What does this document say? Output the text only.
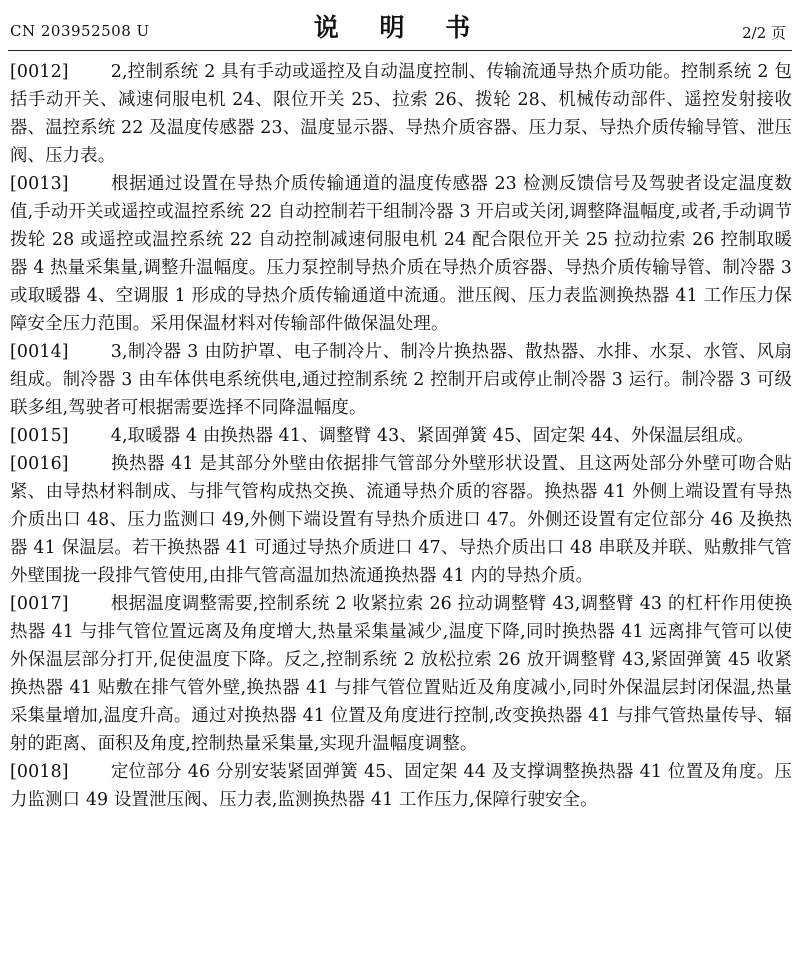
CN 203952508 U	说 明 书	2/2 页

[0012] 2,控制系统 2 具有手动或遥控及自动温度控制、传输流通导热介质功能。控制系统 2 包括手动开关、减速伺服电机 24、限位开关 25、拉索 26、拨轮 28、机械传动部件、遥控发射接收器、温控系统 22 及温度传感器 23、温度显示器、导热介质容器、压力泵、导热介质传输导管、泄压阀、压力表。

[0013] 根据通过设置在导热介质传输通道的温度传感器 23 检测反馈信号及驾驶者设定温度数值,手动开关或遥控或温控系统 22 自动控制若干组制冷器 3 开启或关闭,调整降温幅度,或者,手动调节拨轮 28 或遥控或温控系统 22 自动控制减速伺服电机 24 配合限位开关 25 拉动拉索 26 控制取暖器 4 热量采集量,调整升温幅度。压力泵控制导热介质在导热介质容器、导热介质传输导管、制冷器 3 或取暖器 4、空调服 1 形成的导热介质传输通道中流通。泄压阀、压力表监测换热器 41 工作压力保障安全压力范围。采用保温材料对传输部件做保温处理。

[0014] 3,制冷器 3 由防护罩、电子制冷片、制冷片换热器、散热器、水排、水泵、水管、风扇组成。制冷器 3 由车体供电系统供电,通过控制系统 2 控制开启或停止制冷器 3 运行。制冷器 3 可级联多组,驾驶者可根据需要选择不同降温幅度。

[0015] 4,取暖器 4 由换热器 41、调整臂 43、紧固弹簧 45、固定架 44、外保温层组成。

[0016] 换热器 41 是其部分外壁由依据排气管部分外壁形状设置、且这两处部分外壁可吻合贴紧、由导热材料制成、与排气管构成热交换、流通导热介质的容器。换热器 41 外侧上端设置有导热介质出口 48、压力监测口 49,外侧下端设置有导热介质进口 47。外侧还设置有定位部分 46 及换热器 41 保温层。若干换热器 41 可通过导热介质进口 47、导热介质出口 48 串联及并联、贴敷排气管外壁围拢一段排气管使用,由排气管高温加热流通换热器 41 内的导热介质。

[0017] 根据温度调整需要,控制系统 2 收紧拉索 26 拉动调整臂 43,调整臂 43 的杠杆作用使换热器 41 与排气管位置远离及角度增大,热量采集量减少,温度下降,同时换热器 41 远离排气管可以使外保温层部分打开,促使温度下降。反之,控制系统 2 放松拉索 26 放开调整臂 43,紧固弹簧 45 收紧换热器 41 贴敷在排气管外壁,换热器 41 与排气管位置贴近及角度减小,同时外保温层封闭保温,热量采集量增加,温度升高。通过对换热器 41 位置及角度进行控制,改变换热器 41 与排气管热量传导、辐射的距离、面积及角度,控制热量采集量,实现升温幅度调整。

[0018] 定位部分 46 分别安装紧固弹簧 45、固定架 44 及支撑调整换热器 41 位置及角度。压力监测口 49 设置泄压阀、压力表,监测换热器 41 工作压力,保障行驶安全。
